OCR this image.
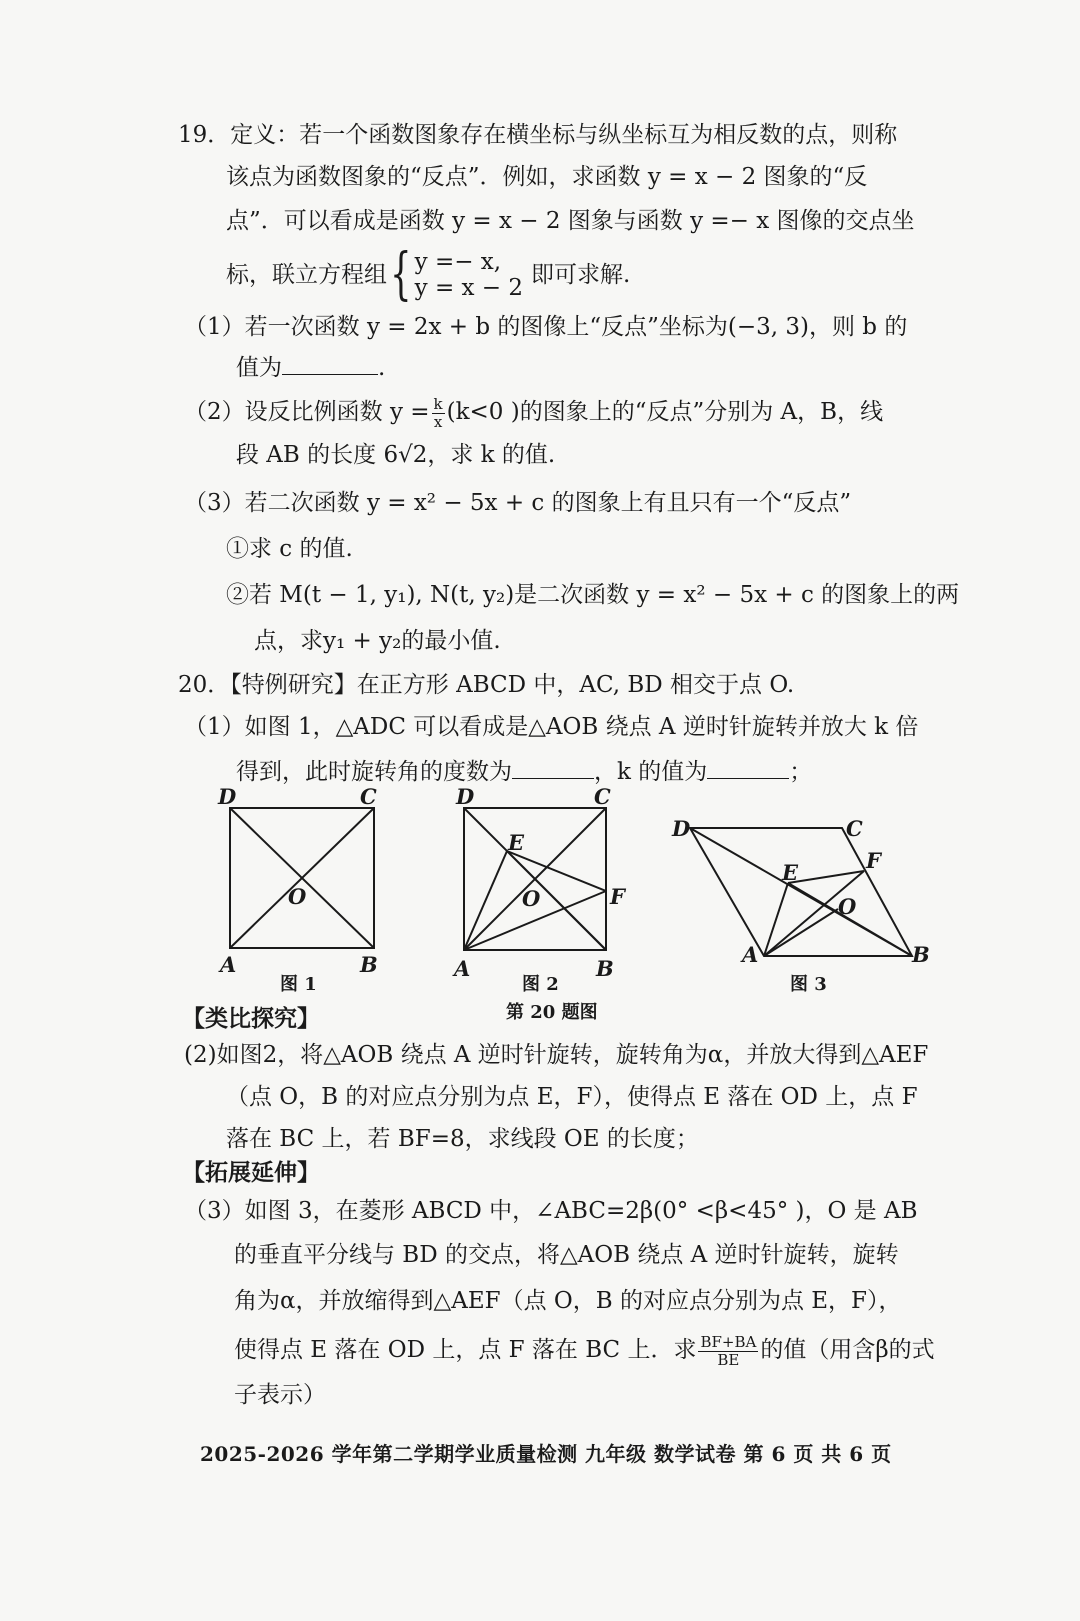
19．定义：若一个函数图象存在横坐标与纵坐标互为相反数的点，则称
该点为函数图象的“反点”．例如，求函数 y = x − 2 图象的“反
点”．可以看成是函数 y = x − 2 图象与函数 y =− x 图像的交点坐
标，联立方程组{ y =− x,
y = x − 2 即可求解.
（1）若一次函数 y = 2x + b 的图像上“反点”坐标为(−3, 3)，则 b 的
值为	.
（2）设反比例函数 $y = \frac{k}{x} (k<0$ )的图象上的“反点”分别为 A，B，线
段 AB 的长度 6√2，求 k 的值.
（3）若二次函数 y = x² − 5x + c 的图象上有且只有一个“反点”
①求 c 的值.
②若 M(t − 1, y₁), N(t, y₂)是二次函数 y = x² − 5x + c 的图象上的两
点，求y₁ + y₂的最小值.
20．【特例研究】在正方形 ABCD 中，AC, BD 相交于点 O.
（1）如图 1，△ADC 可以看成是△AOB 绕点 A 逆时针旋转并放大 k 倍
得到，此时旋转角的度数为	，k 的值为	；
D	C
A	B
O
D	C
A	B
O
E
F
D	C
A	B
O
E	F
图 1	图 2	图 3
第 20 题图
【类比探究】
(2)如图2，将△AOB 绕点 A 逆时针旋转，旋转角为α，并放大得到△AEF
（点 O，B 的对应点分别为点 E，F），使得点 E 落在 OD 上，点 F
落在 BC 上，若 BF=8，求线段 OE 的长度；
【拓展延伸】
（3）如图 3，在菱形 ABCD 中，∠ABC=2β(0° <β<45° )，O 是 AB
的垂直平分线与 BD 的交点，将△AOB 绕点 A 逆时针旋转，旋转
角为α，并放缩得到△AEF（点 O，B 的对应点分别为点 E，F），
使得点 E 落在 OD 上，点 F 落在 BC 上．求 $\frac{BF+BA}{BE}$ 的值（用含β的式
子表示）
2025-2026 学年第二学期学业质量检测 九年级 数学试卷 第 6 页 共 6 页
